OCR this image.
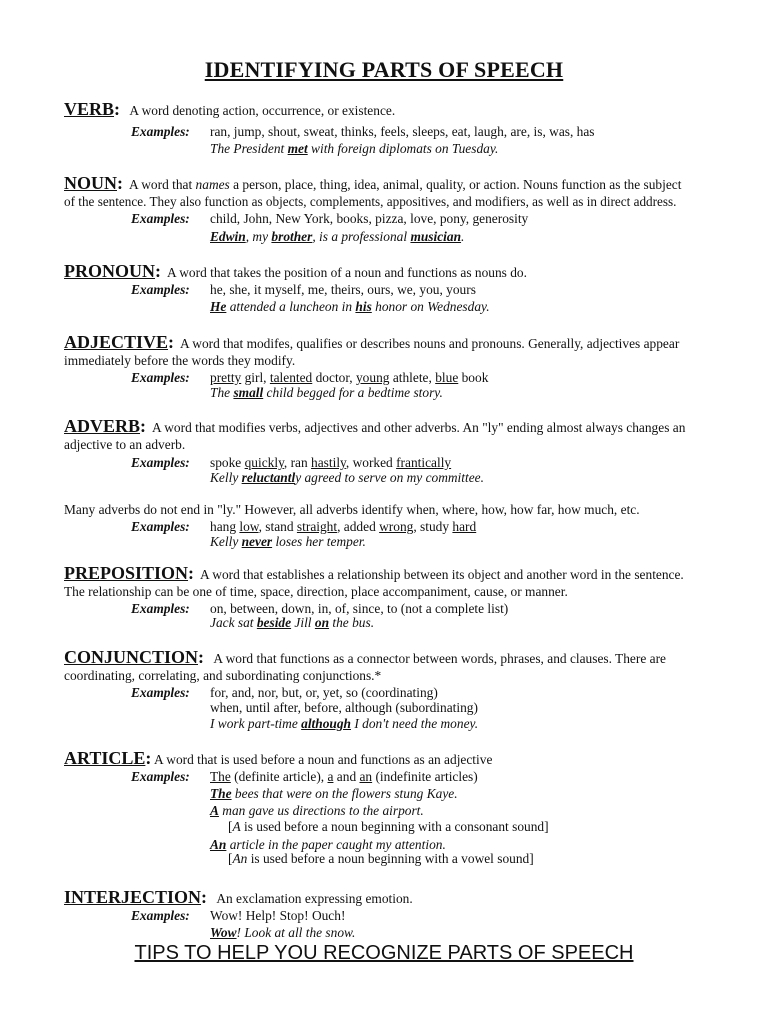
IDENTIFYING PARTS OF SPEECH
VERB: A word denoting action, occurrence, or existence.
Examples: ran, jump, shout, sweat, thinks, feels, sleeps, eat, laugh, are, is, was, has
The President met with foreign diplomats on Tuesday.
NOUN: A word that names a person, place, thing, idea, animal, quality, or action. Nouns function as the subject
of the sentence. They also function as objects, complements, appositives, and modifiers, as well as in direct address.
Examples: child, John, New York, books, pizza, love, pony, generosity
Edwin, my brother, is a professional musician.
PRONOUN: A word that takes the position of a noun and functions as nouns do.
Examples: he, she, it myself, me, theirs, ours, we, you, yours
He attended a luncheon in his honor on Wednesday.
ADJECTIVE: A word that modifes, qualifies or describes nouns and pronouns. Generally, adjectives appear
immediately before the words they modify.
Examples: pretty girl, talented doctor, young athlete, blue book
The small child begged for a bedtime story.
ADVERB: A word that modifies verbs, adjectives and other adverbs. An "ly" ending almost always changes an
adjective to an adverb.
Examples: spoke quickly, ran hastily, worked frantically
Kelly reluctantly agreed to serve on my committee.
Many adverbs do not end in "ly." However, all adverbs identify when, where, how, how far, how much, etc.
Examples: hang low, stand straight, added wrong, study hard
Kelly never loses her temper.
PREPOSITION: A word that establishes a relationship between its object and another word in the sentence.
The relationship can be one of time, space, direction, place accompaniment, cause, or manner.
Examples: on, between, down, in, of, since, to (not a complete list)
Jack sat beside Jill on the bus.
CONJUNCTION: A word that functions as a connector between words, phrases, and clauses. There are
coordinating, correlating, and subordinating conjunctions.*
Examples: for, and, nor, but, or, yet, so (coordinating)
when, until after, before, although (subordinating)
I work part-time although I don't need the money.
ARTICLE: A word that is used before a noun and functions as an adjective
Examples: The (definite article), a and an (indefinite articles)
The bees that were on the flowers stung Kaye.
A man gave us directions to the airport.
[A is used before a noun beginning with a consonant sound]
An article in the paper caught my attention.
[An is used before a noun beginning with a vowel sound]
INTERJECTION: An exclamation expressing emotion.
Examples: Wow! Help! Stop! Ouch!
Wow! Look at all the snow.
TIPS TO HELP YOU RECOGNIZE PARTS OF SPEECH
